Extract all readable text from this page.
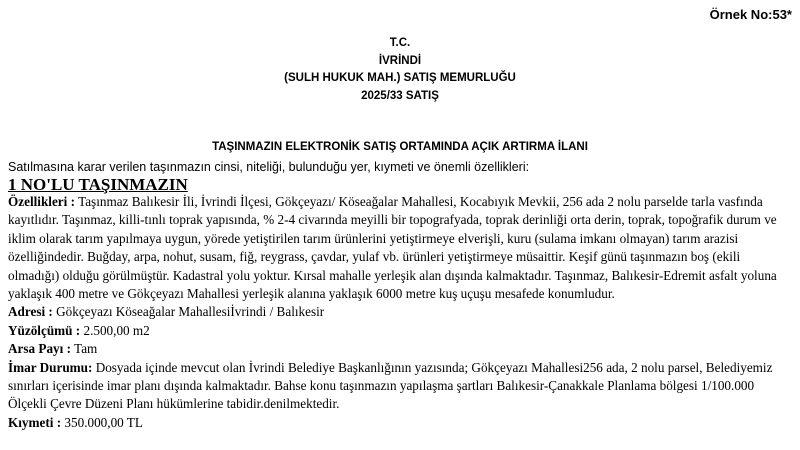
Örnek No:53*
T.C.
İVRİNDİ
(SULH HUKUK MAH.) SATIŞ MEMURLUĞU
2025/33 SATIŞ
TAŞINMAZIN ELEKTRONİK SATIŞ ORTAMINDA AÇIK ARTIRMA İLANI
Satılmasına karar verilen taşınmazın cinsi, niteliği, bulunduğu yer, kıymeti ve önemli özellikleri:
1 NO'LU TAŞINMAZIN

Özellikleri : Taşınmaz Balıkesir İli, İvrindi İlçesi, Gökçeyazı/ Köseağalar Mahallesi, Kocabıyık Mevkii, 256 ada 2 nolu parselde tarla vasfında kayıtlıdır. Taşınmaz, killi-tınlı toprak yapısında, % 2-4 civarında meyilli bir topografyada, toprak derinliği orta derin, toprak, topoğrafik durum ve iklim olarak tarım yapılmaya uygun, yörede yetiştirilen tarım ürünlerini yetiştirmeye elverişli, kuru (sulama imkanı olmayan) tarım arazisi özelliğindedir. Buğday, arpa, nohut, susam, fiğ, reygrass, çavdar, yulaf vb. ürünleri yetiştirmeye müsaittir. Keşif günü taşınmazın boş (ekili olmadığı) olduğu görülmüştür. Kadastral yolu yoktur. Kırsal mahalle yerleşik alan dışında kalmaktadır. Taşınmaz, Balıkesir-Edremit asfalt yoluna yaklaşık 400 metre ve Gökçeyazı Mahallesi yerleşik alanına yaklaşık 6000 metre kuş uçuşu mesafede konumludur.

Adresi : Gökçeyazı Köseağalar Mahallesiİvrindi / Balıkesir

Yüzölçümü : 2.500,00 m2

Arsa Payı : Tam

İmar Durumu: Dosyada içinde mevcut olan İvrindi Belediye Başkanlığının yazısında; Gökçeyazı Mahallesi256 ada, 2 nolu parsel, Belediyemiz sınırları içerisinde imar planı dışında kalmaktadır. Bahse konu taşınmazın yapılaşma şartları Balıkesir-Çanakkale Planlama bölgesi 1/100.000 Ölçekli Çevre Düzeni Planı hükümlerine tabidir.denilmektedir.

Kıymeti : 350.000,00 TL
